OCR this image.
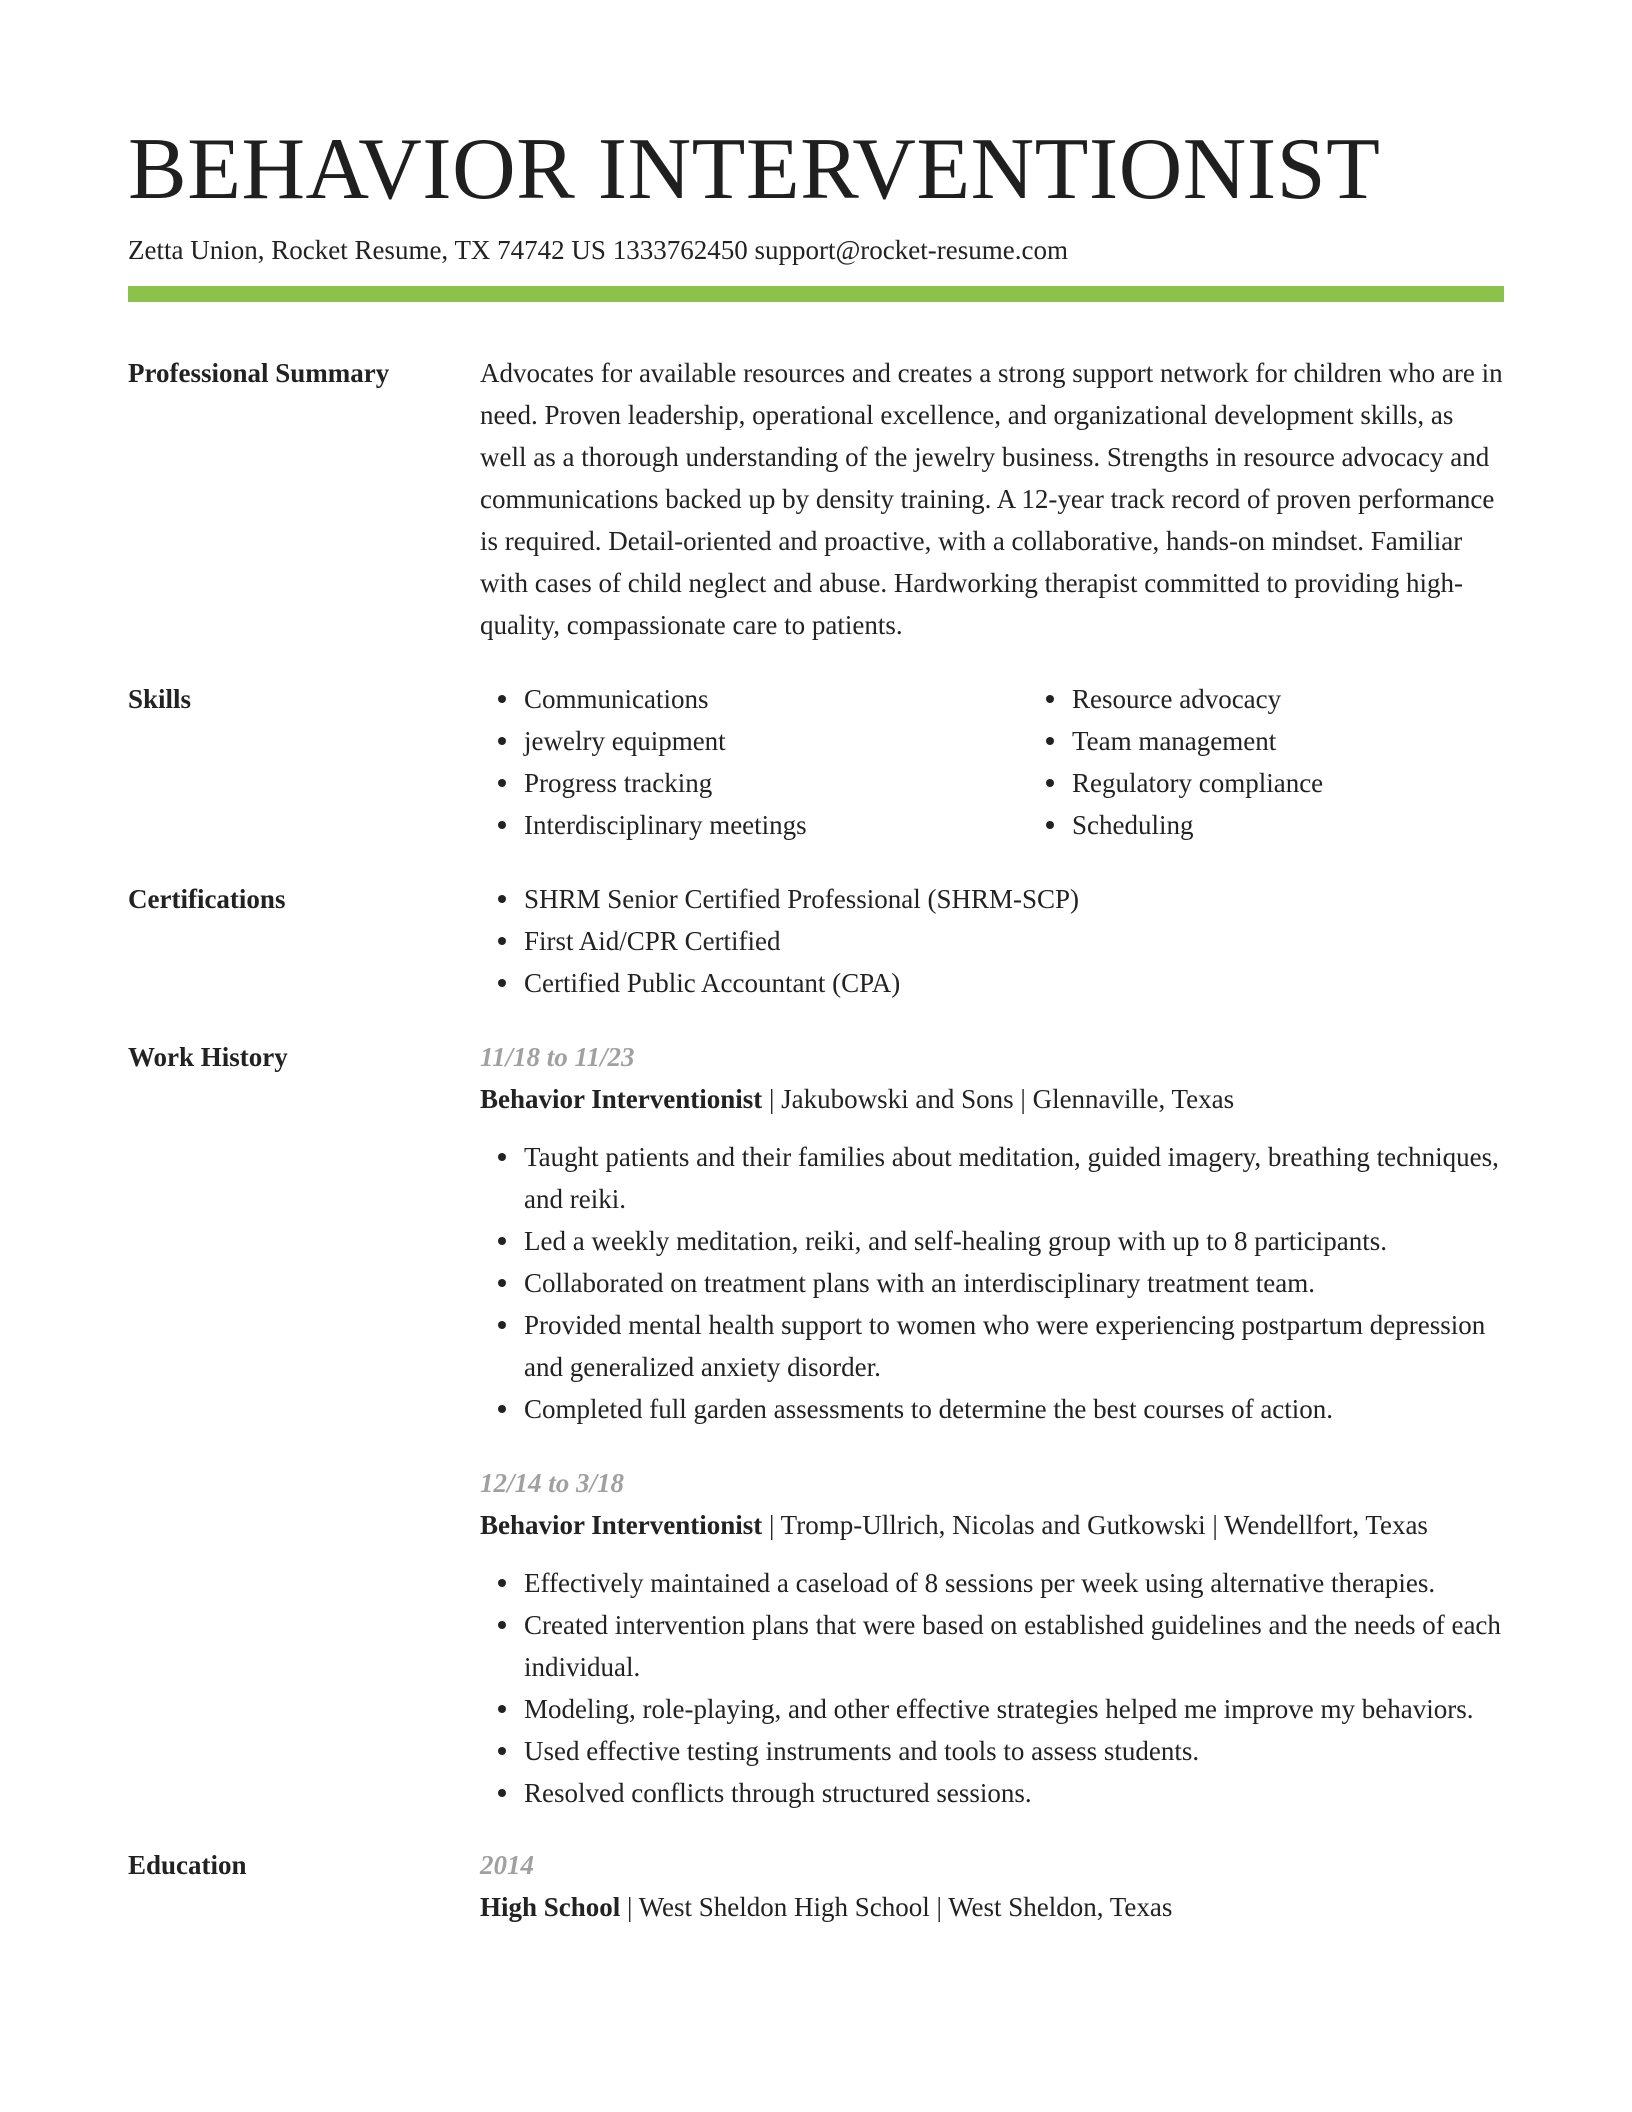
BEHAVIOR INTERVENTIONIST
Zetta Union, Rocket Resume, TX 74742 US 1333762450 support@rocket-resume.com
Professional Summary	Advocates for available resources and creates a strong support network for children who are in need. Proven leadership, operational excellence, and organizational development skills, as well as a thorough understanding of the jewelry business. Strengths in resource advocacy and communications backed up by density training. A 12-year track record of proven performance is required. Detail-oriented and proactive, with a collaborative, hands-on mindset. Familiar with cases of child neglect and abuse. Hardworking therapist committed to providing high-quality, compassionate care to patients.
Skills	Communications
jewelry equipment
Progress tracking
Interdisciplinary meetings
Resource advocacy
Team management
Regulatory compliance
Scheduling
Certifications	SHRM Senior Certified Professional (SHRM-SCP)
First Aid/CPR Certified
Certified Public Accountant (CPA)
Work History	11/18 to 11/23
Behavior Interventionist | Jakubowski and Sons | Glennaville, Texas
Taught patients and their families about meditation, guided imagery, breathing techniques, and reiki.
Led a weekly meditation, reiki, and self-healing group with up to 8 participants.
Collaborated on treatment plans with an interdisciplinary treatment team.
Provided mental health support to women who were experiencing postpartum depression and generalized anxiety disorder.
Completed full garden assessments to determine the best courses of action.
12/14 to 3/18
Behavior Interventionist | Tromp-Ullrich, Nicolas and Gutkowski | Wendellfort, Texas
Effectively maintained a caseload of 8 sessions per week using alternative therapies.
Created intervention plans that were based on established guidelines and the needs of each individual.
Modeling, role-playing, and other effective strategies helped me improve my behaviors.
Used effective testing instruments and tools to assess students.
Resolved conflicts through structured sessions.
Education	2014
High School | West Sheldon High School | West Sheldon, Texas
